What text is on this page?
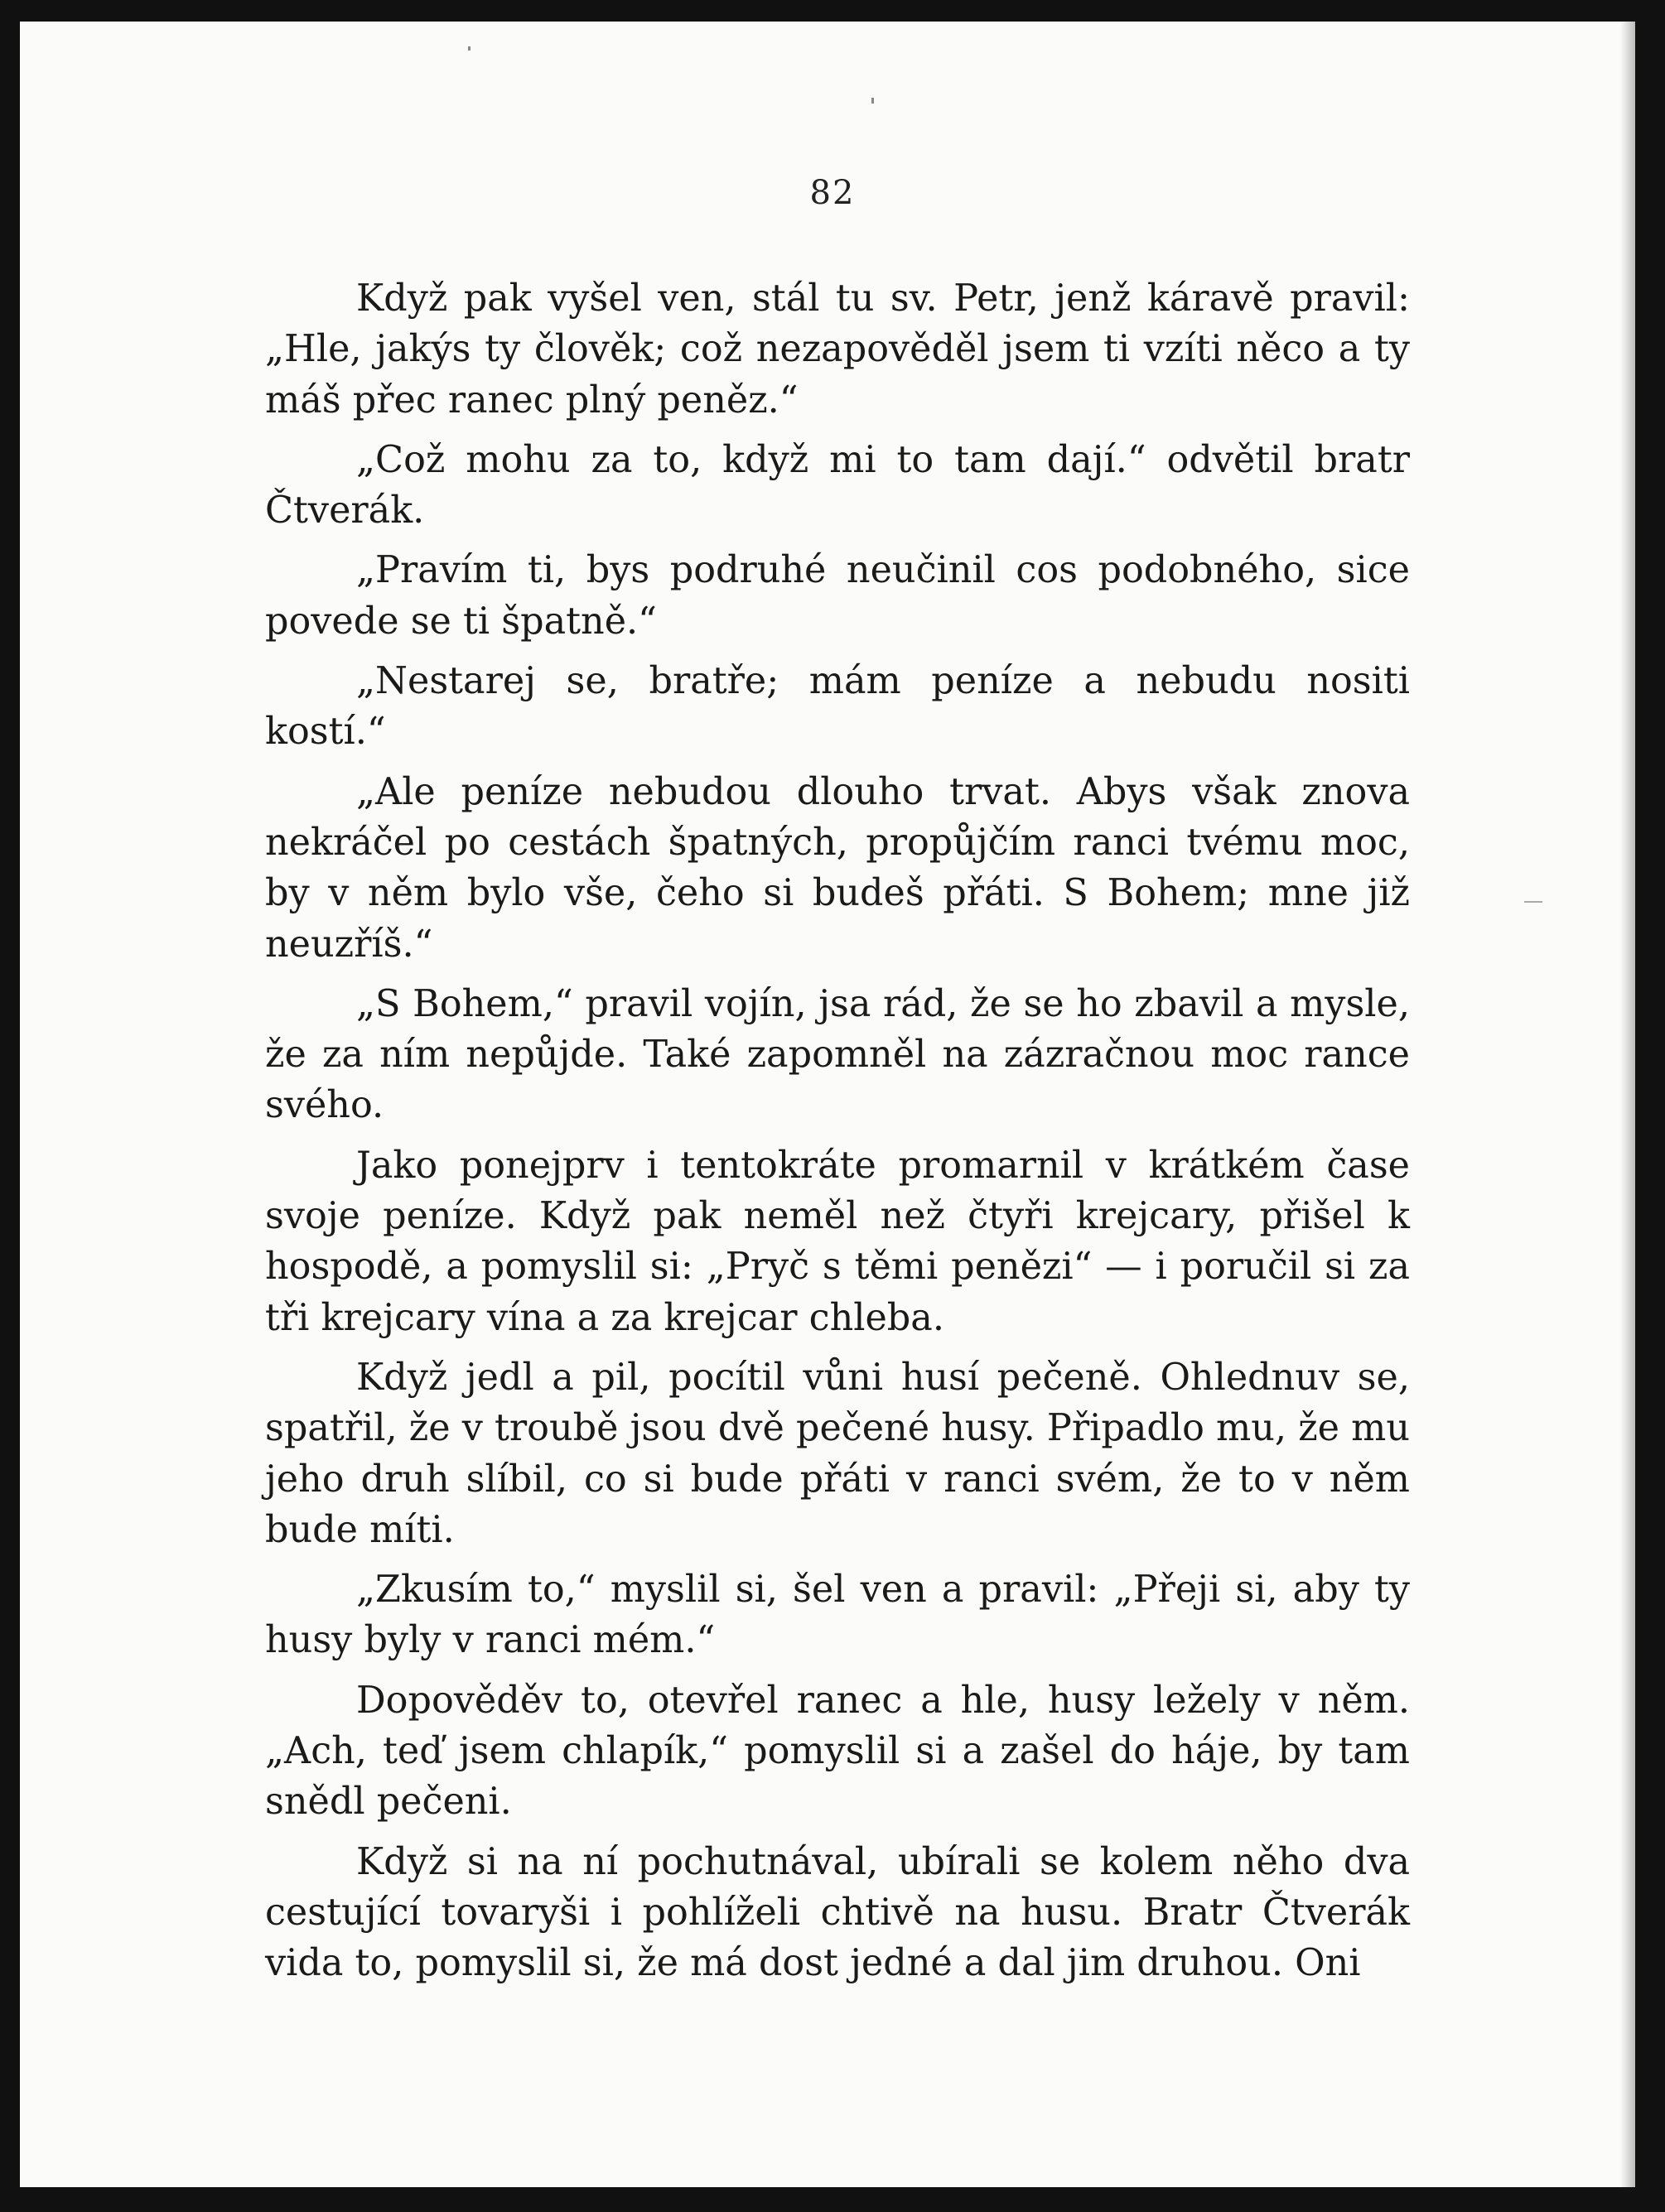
82

Když pak vyšel ven, stál tu sv. Petr, jenž káravě pravil: „Hle, jakýs ty člověk; což nezapověděl jsem ti vzíti něco a ty máš přec ranec plný peněz.“

„Což mohu za to, když mi to tam dají.“ odvětil bratr Čtverák.

„Pravím ti, bys podruhé neučinil cos podobného, sice povede se ti špatně.“

„Nestarej se, bratře; mám peníze a nebudu nositi kostí.“

„Ale peníze nebudou dlouho trvat. Abys však znova nekráčel po cestách špatných, propůjčím ranci tvému moc, by v něm bylo vše, čeho si budeš přáti. S Bohem; mne již neuzříš.“

„S Bohem,“ pravil vojín, jsa rád, že se ho zbavil a mysle, že za ním nepůjde. Také zapomněl na zázračnou moc rance svého.

Jako ponejprv i tentokráte promarnil v krátkém čase svoje peníze. Když pak neměl než čtyři krejcary, přišel k hospodě, a pomyslil si: „Pryč s těmi penězi“ — i poručil si za tři krejcary vína a za krejcar chleba.

Když jedl a pil, pocítil vůni husí pečeně. Ohlednuv se, spatřil, že v troubě jsou dvě pečené husy. Připadlo mu, že mu jeho druh slíbil, co si bude přáti v ranci svém, že to v něm bude míti.

„Zkusím to,“ myslil si, šel ven a pravil: „Přeji si, aby ty husy byly v ranci mém.“

Dopověděv to, otevřel ranec a hle, husy ležely v něm. „Ach, teď jsem chlapík,“ pomyslil si a zašel do háje, by tam snědl pečeni.

Když si na ní pochutnával, ubírali se kolem něho dva cestující tovaryši i pohlíželi chtivě na husu. Bratr Čtverák vida to, pomyslil si, že má dost jedné a dal jim druhou. Oni
